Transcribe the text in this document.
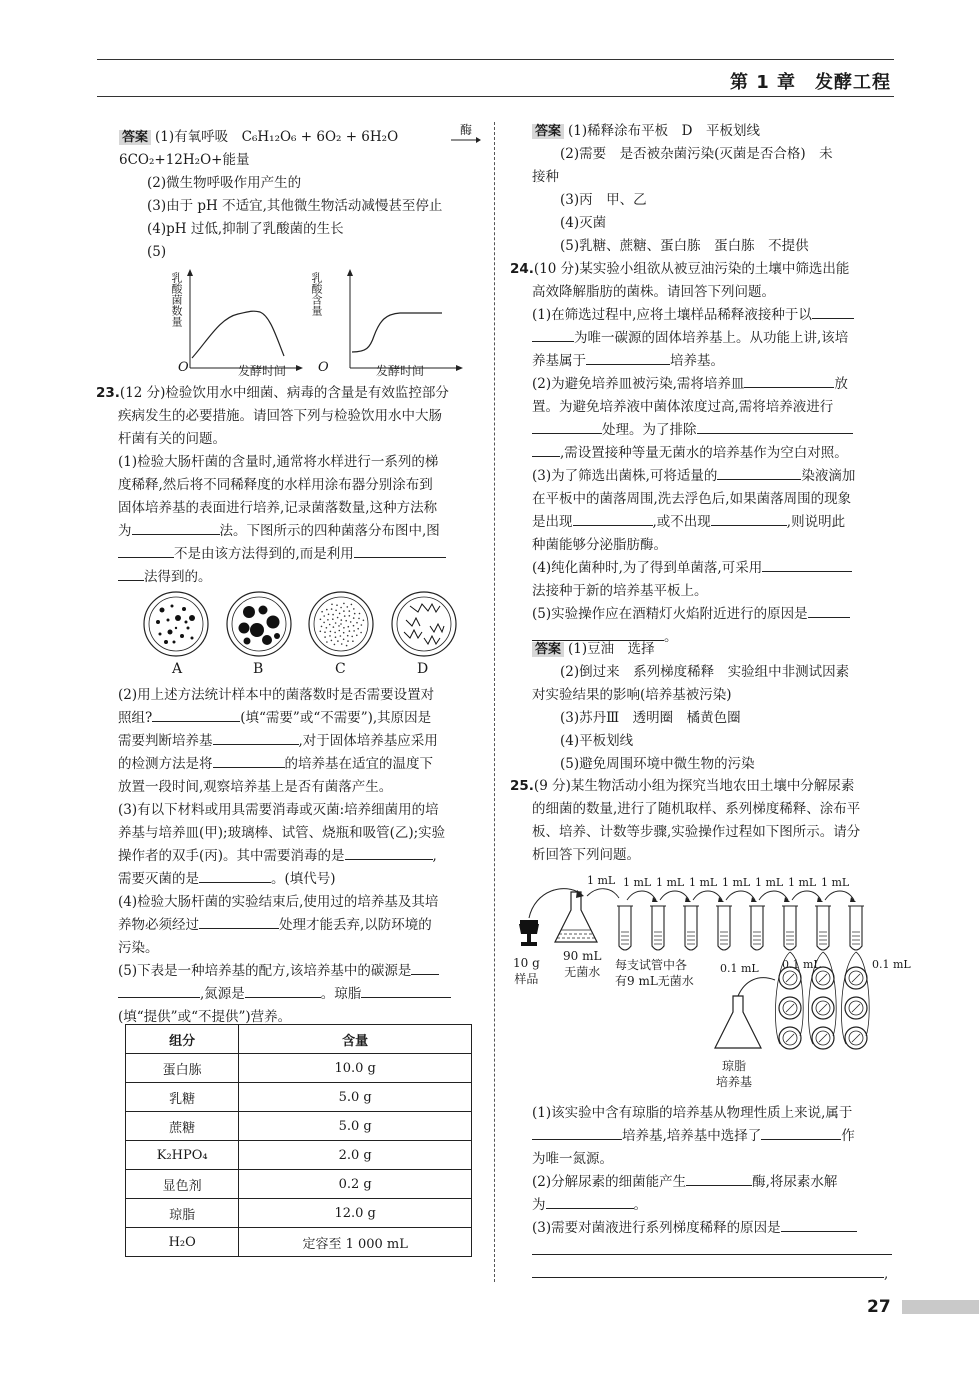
第 1 章　发酵工程

答案 (1)有氧呼吸　C₆H₁₂O₆ + 6O₂ + 6H₂O	酶

6CO₂+12H₂O+能量

(2)微生物呼吸作用产生的

(3)由于 pH 不适宜,其他微生物活动减慢甚至停止

(4)pH 过低,抑制了乳酸菌的生长

(5)

乳酸菌数量	乳酸含量
O	发酵时间 O	发酵时间

23.(12 分)检验饮用水中细菌、病毒的含量是有效监控部分

疾病发生的必要措施。请回答下列与检验饮用水中大肠

杆菌有关的问题。

(1)检验大肠杆菌的含量时,通常将水样进行一系列的梯

度稀释,然后将不同稀释度的水样用涂布器分别涂布到

固体培养基的表面进行培养,记录菌落数量,这种方法称

为	法。下图所示的四种菌落分布图中,图

不是由该方法得到的,而是利用

法得到的。

A	B	C	D

(2)用上述方法统计样本中的菌落数时是否需要设置对

照组?	(填“需要”或“不需要”),其原因是

需要判断培养基	,对于固体培养基应采用

的检测方法是将	的培养基在适宜的温度下

放置一段时间,观察培养基上是否有菌落产生。

(3)有以下材料或用具需要消毒或灭菌:培养细菌用的培

养基与培养皿(甲);玻璃棒、试管、烧瓶和吸管(乙);实验

操作者的双手(丙)。其中需要消毒的是	,

需要灭菌的是	。(填代号)

(4)检验大肠杆菌的实验结束后,使用过的培养基及其培

养物必须经过	处理才能丢弃,以防环境的

污染。

(5)下表是一种培养基的配方,该培养基中的碳源是

,氮源是	。琼脂

(填“提供”或“不提供”)营养。

组分	含量
蛋白胨	10.0 g
乳糖	5.0 g
蔗糖	5.0 g
K₂HPO₄	2.0 g
显色剂	0.2 g
琼脂	12.0 g
H₂O	定容至 1 000 mL

答案 (1)稀释涂布平板　D　平板划线

(2)需要　是否被杂菌污染(灭菌是否合格)　未

接种

(3)丙　甲、乙

(4)灭菌

(5)乳糖、蔗糖、蛋白胨　蛋白胨　不提供

24.(10 分)某实验小组欲从被豆油污染的土壤中筛选出能

高效降解脂肪的菌株。请回答下列问题。

(1)在筛选过程中,应将土壤样品稀释液接种于以

为唯一碳源的固体培养基上。从功能上讲,该培

养基属于	培养基。

(2)为避免培养皿被污染,需将培养皿	放

置。为避免培养液中菌体浓度过高,需将培养液进行

处理。为了排除

,需设置接种等量无菌水的培养基作为空白对照。

(3)为了筛选出菌株,可将适量的	染液滴加

在平板中的菌落周围,洗去浮色后,如果菌落周围的现象

是出现	,或不出现	,则说明此

种菌能够分泌脂肪酶。

(4)纯化菌种时,为了得到单菌落,可采用

法接种于新的培养基平板上。

(5)实验操作应在酒精灯火焰附近进行的原因是

。

答案 (1)豆油　选择

(2)倒过来　系列梯度稀释　实验组中非测试因素

对实验结果的影响(培养基被污染)

(3)苏丹Ⅲ　透明圈　橘黄色圈

(4)平板划线

(5)避免周围环境中微生物的污染

25.(9 分)某生物活动小组为探究当地农田土壤中分解尿素

的细菌的数量,进行了随机取样、系列梯度稀释、涂布平

板、培养、计数等步骤,实验操作过程如下图所示。请分

析回答下列问题。

1 mL 1 mL 1 mL 1 mL 1 mL 1 mL 1 mL 1 mL
10 g
样品
90 mL
无菌水 每支试管中各
有9 mL无菌水
0.1 mL 0.1 mL	0.1 mL
琼脂
培养基

(1)该实验中含有琼脂的培养基从物理性质上来说,属于

培养基,培养基中选择了	作

为唯一氮源。

(2)分解尿素的细菌能产生	酶,将尿素水解

为	。

(3)需要对菌液进行系列梯度稀释的原因是

,

27
